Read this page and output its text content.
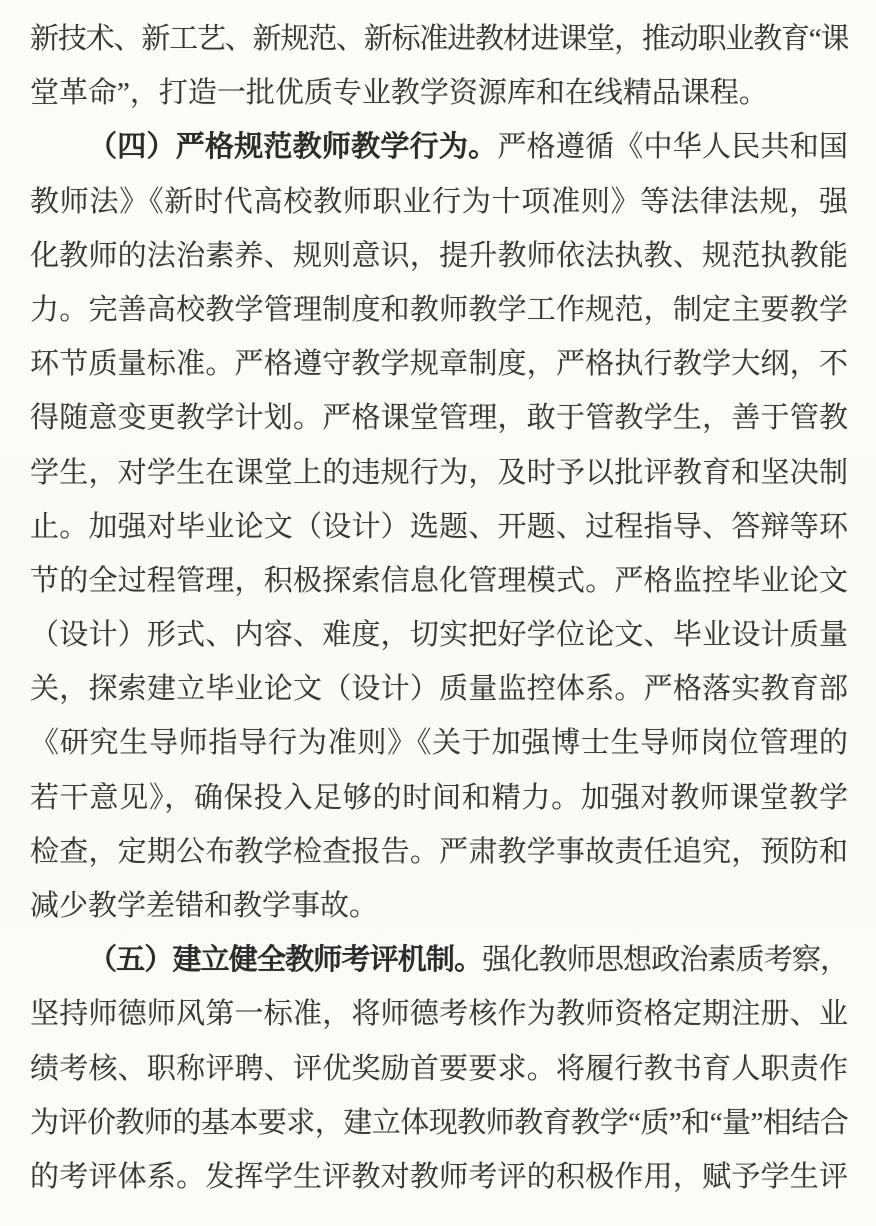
新技术、新工艺、新规范、新标准进教材进课堂，推动职业教育“课
堂革命”，打造一批优质专业教学资源库和在线精品课程。
（四）严格规范教师教学行为。严格遵循《中华人民共和国
教师法》《新时代高校教师职业行为十项准则》等法律法规，强
化教师的法治素养、规则意识，提升教师依法执教、规范执教能
力。完善高校教学管理制度和教师教学工作规范，制定主要教学
环节质量标准。严格遵守教学规章制度，严格执行教学大纲，不
得随意变更教学计划。严格课堂管理，敢于管教学生，善于管教
学生，对学生在课堂上的违规行为，及时予以批评教育和坚决制
止。加强对毕业论文（设计）选题、开题、过程指导、答辩等环
节的全过程管理，积极探索信息化管理模式。严格监控毕业论文
（设计）形式、内容、难度，切实把好学位论文、毕业设计质量
关，探索建立毕业论文（设计）质量监控体系。严格落实教育部
《研究生导师指导行为准则》《关于加强博士生导师岗位管理的
若干意见》，确保投入足够的时间和精力。加强对教师课堂教学
检查，定期公布教学检查报告。严肃教学事故责任追究，预防和
减少教学差错和教学事故。
（五）建立健全教师考评机制。强化教师思想政治素质考察，
坚持师德师风第一标准，将师德考核作为教师资格定期注册、业
绩考核、职称评聘、评优奖励首要要求。将履行教书育人职责作
为评价教师的基本要求，建立体现教师教育教学“质”和“量”相结合
的考评体系。发挥学生评教对教师考评的积极作用，赋予学生评
